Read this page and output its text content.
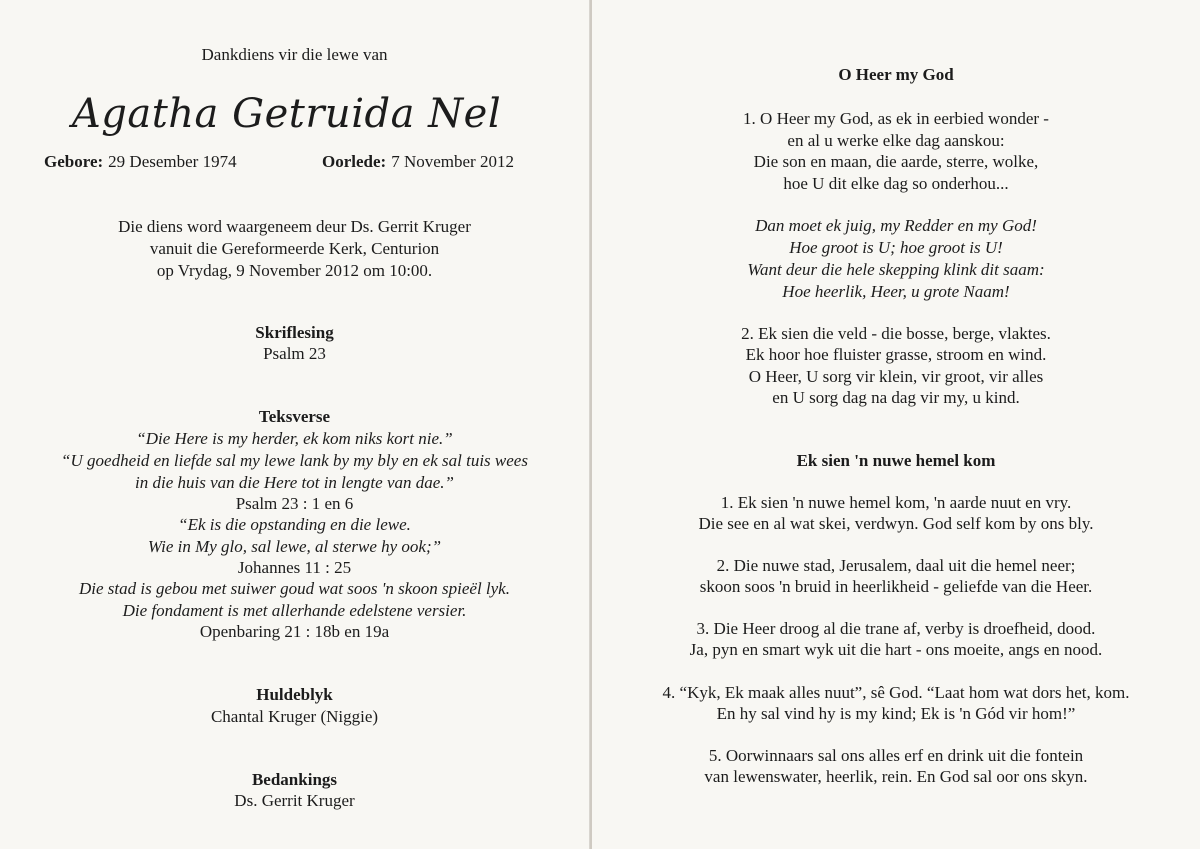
Dankdiens vir die lewe van
Agatha Getruida Nel
Gebore: 29 Desember 1974	Oorlede: 7 November 2012
Die diens word waargeneem deur Ds. Gerrit Kruger
vanuit die Gereformeerde Kerk, Centurion
op Vrydag, 9 November 2012 om 10:00.
Skriflesing
Psalm 23
Teksverse
“Die Here is my herder, ek kom niks kort nie.”
“U goedheid en liefde sal my lewe lank by my bly en ek sal tuis wees
in die huis van die Here tot in lengte van dae.”
Psalm 23 : 1 en 6
“Ek is die opstanding en die lewe.
Wie in My glo, sal lewe, al sterwe hy ook;”
Johannes 11 : 25
Die stad is gebou met suiwer goud wat soos 'n skoon spieël lyk.
Die fondament is met allerhande edelstene versier.
Openbaring 21 : 18b en 19a
Huldeblyk
Chantal Kruger (Niggie)
Bedankings
Ds. Gerrit Kruger
O Heer my God
1. O Heer my God, as ek in eerbied wonder -
en al u werke elke dag aanskou:
Die son en maan, die aarde, sterre, wolke,
hoe U dit elke dag so onderhou...
Dan moet ek juig, my Redder en my God!
Hoe groot is U; hoe groot is U!
Want deur die hele skepping klink dit saam:
Hoe heerlik, Heer, u grote Naam!
2. Ek sien die veld - die bosse, berge, vlaktes.
Ek hoor hoe fluister grasse, stroom en wind.
O Heer, U sorg vir klein, vir groot, vir alles
en U sorg dag na dag vir my, u kind.
Ek sien 'n nuwe hemel kom
1. Ek sien 'n nuwe hemel kom, 'n aarde nuut en vry.
Die see en al wat skei, verdwyn. God self kom by ons bly.
2. Die nuwe stad, Jerusalem, daal uit die hemel neer;
skoon soos 'n bruid in heerlikheid - geliefde van die Heer.
3. Die Heer droog al die trane af, verby is droefheid, dood.
Ja, pyn en smart wyk uit die hart - ons moeite, angs en nood.
4. “Kyk, Ek maak alles nuut”, sê God. “Laat hom wat dors het, kom.
En hy sal vind hy is my kind; Ek is 'n Gód vir hom!”
5. Oorwinnaars sal ons alles erf en drink uit die fontein
van lewenswater, heerlik, rein. En God sal oor ons skyn.
